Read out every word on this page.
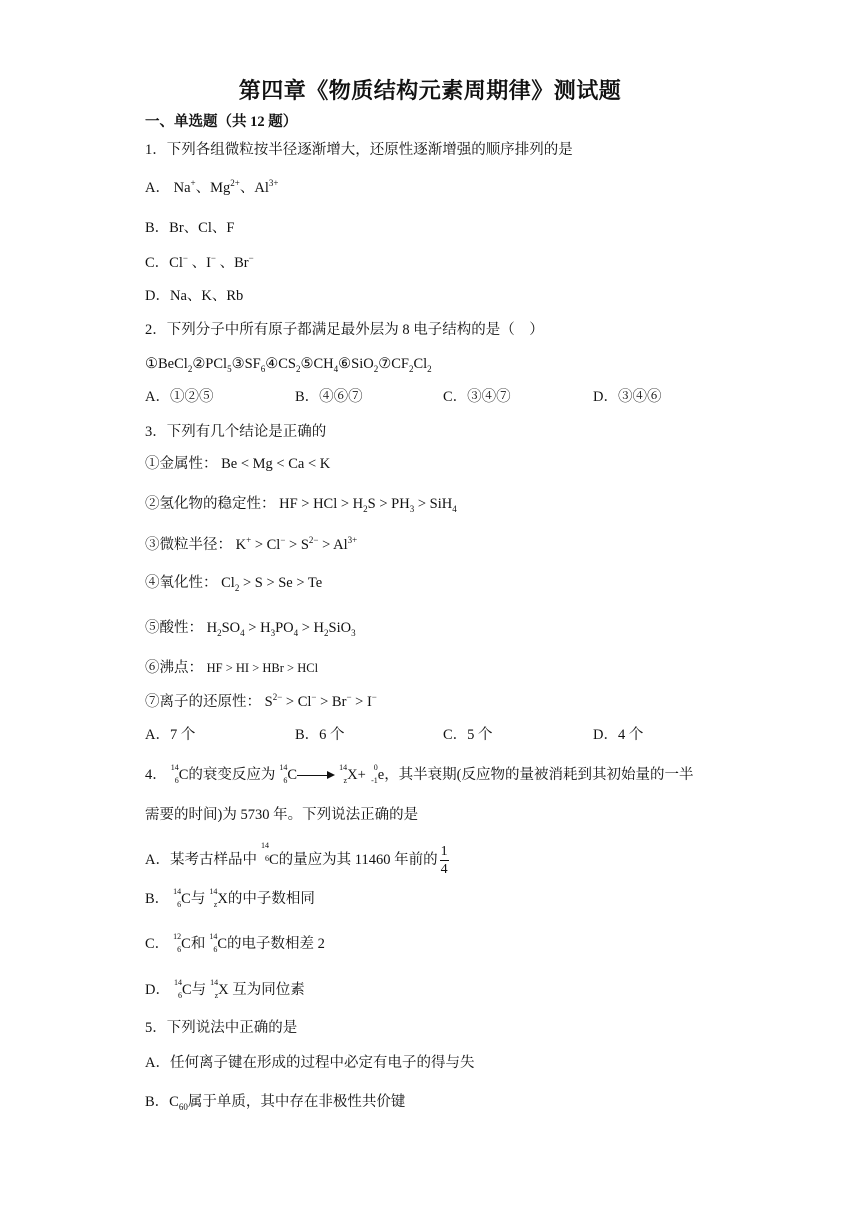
第四章《物质结构元素周期律》测试题
一、单选题（共 12 题）
1．下列各组微粒按半径逐渐增大，还原性逐渐增强的顺序排列的是
A． Na+、$Mg^{2+}$、$Al^{3+}$
B．Br、Cl、F
C．Cl− 、I− 、Br−
D．Na、K、Rb
2．下列分子中所有原子都满足最外层为 8 电子结构的是（　）
$①BeCl_2②PCl_5③SF_6④CS_2⑤CH_4⑥SiO_2⑦CF_2Cl_2$
A．①②⑤	B．④⑥⑦	C．③④⑦	D．③④⑥
3．下列有几个结论是正确的
①金属性： Be < Mg < Ca < K
②氢化物的稳定性： HF > HCl > $H_2S > PH_3 > SiH_4$
③微粒半径： $K^+ > Cl^- > S^{2-} > Al^{3+}$
④氧化性： $Cl_2 > S > Se > Te$
⑤酸性： $H_2SO_4 > H_3PO_4 > H_2SiO_3$
⑥沸点： HF > HI > HBr > HCl
⑦离子的还原性： $S^{2-} > Cl^- > Br^- > I^-$
A．7 个	B．6 个	C．5 个	D．4 个
4． 14
6 C的衰变反应为 14
6 C	14
z X+ 0
-1 e，其半衰期(反应物的量被消耗到其初始量的一半
需要的时间)为 5730 年。下列说法正确的是
A．某考古样品中
14
6 C的量应为其 11460 年前的 $\frac{1}{4}$
B． 14
6 C与 14
z X的中子数相同
C． 12
6 C和 14
6 C的电子数相差 2
D． 14
6 C与 14
z X 互为同位素
5．下列说法中正确的是
A．任何离子键在形成的过程中必定有电子的得与失
B．$C_{60}$属于单质，其中存在非极性共价键
